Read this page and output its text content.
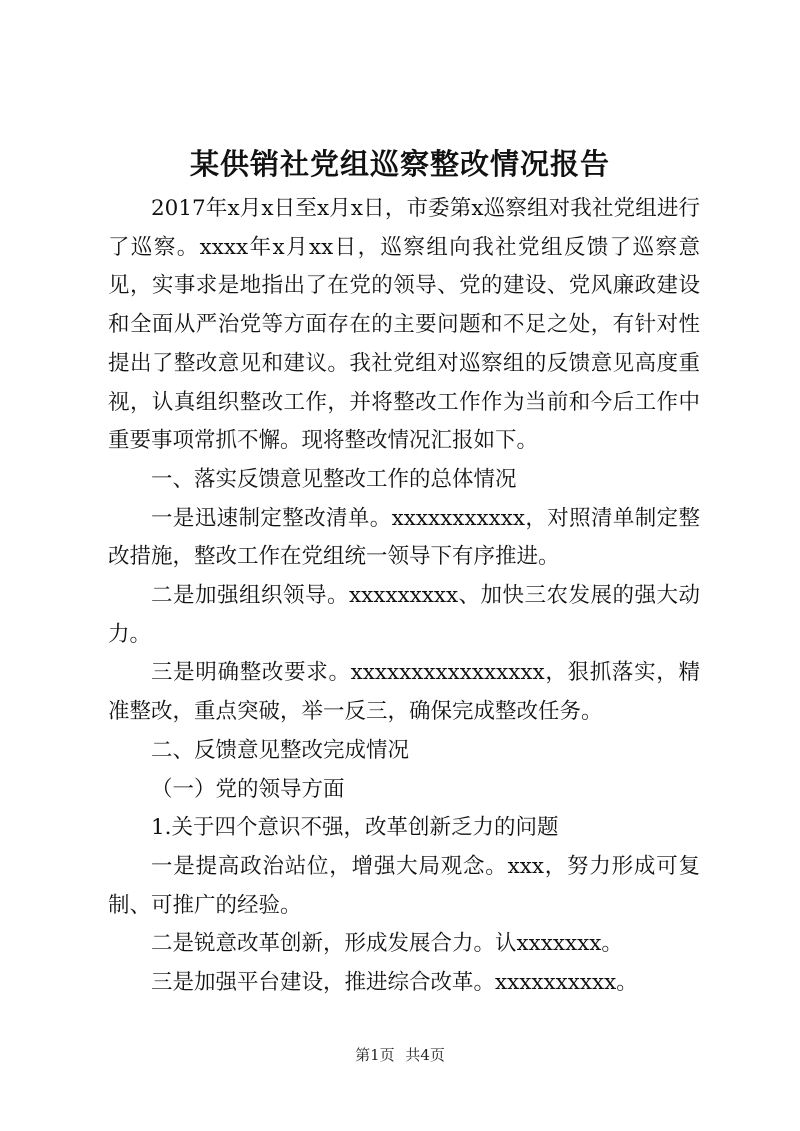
某供销社党组巡察整改情况报告

2017年x月x日至x月x日，市委第x巡察组对我社党组进行了巡察。xxxx年x月xx日，巡察组向我社党组反馈了巡察意见，实事求是地指出了在党的领导、党的建设、党风廉政建设和全面从严治党等方面存在的主要问题和不足之处，有针对性提出了整改意见和建议。我社党组对巡察组的反馈意见高度重视，认真组织整改工作，并将整改工作作为当前和今后工作中重要事项常抓不懈。现将整改情况汇报如下。

一、落实反馈意见整改工作的总体情况

一是迅速制定整改清单。xxxxxxxxxxx，对照清单制定整改措施，整改工作在党组统一领导下有序推进。

二是加强组织领导。xxxxxxxxx、加快三农发展的强大动力。

三是明确整改要求。xxxxxxxxxxxxxxxx，狠抓落实，精准整改，重点突破，举一反三，确保完成整改任务。

二、反馈意见整改完成情况

（一）党的领导方面

1.关于四个意识不强，改革创新乏力的问题

一是提高政治站位，增强大局观念。xxx，努力形成可复制、可推广的经验。

二是锐意改革创新，形成发展合力。认xxxxxxx。

三是加强平台建设，推进综合改革。xxxxxxxxxx。

第1页 共4页
